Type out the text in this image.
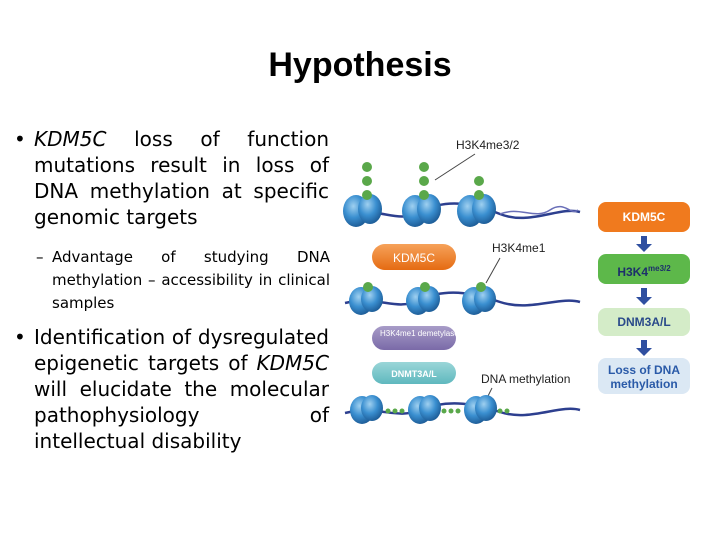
Hypothesis
• KDM5C loss of function mutations result in loss of DNA methylation at specific genomic targets
– Advantage of studying DNA methylation – accessibility in clinical samples
• Identification of dysregulated epigenetic targets of KDM5C will elucidate the molecular pathophysiology of intellectual disability
H3K4me3/2
KDM5C
H3K4me1
H3K4me1 demetylase
DNMT3A/L	DNA methylation
KDM5C
$H3K4^{me3/2}$
DNM3A/L
Loss of DNA methylation
